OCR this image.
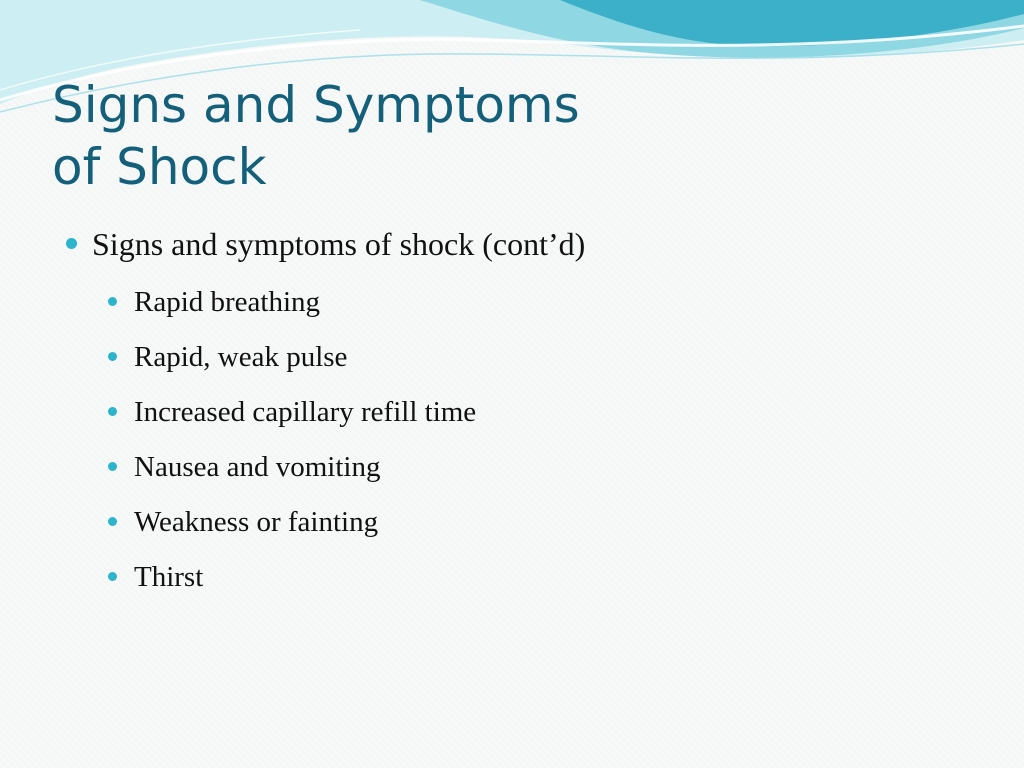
Signs and Symptoms
of Shock
Signs and symptoms of shock (cont’d)
Rapid breathing
Rapid, weak pulse
Increased capillary refill time
Nausea and vomiting
Weakness or fainting
Thirst
